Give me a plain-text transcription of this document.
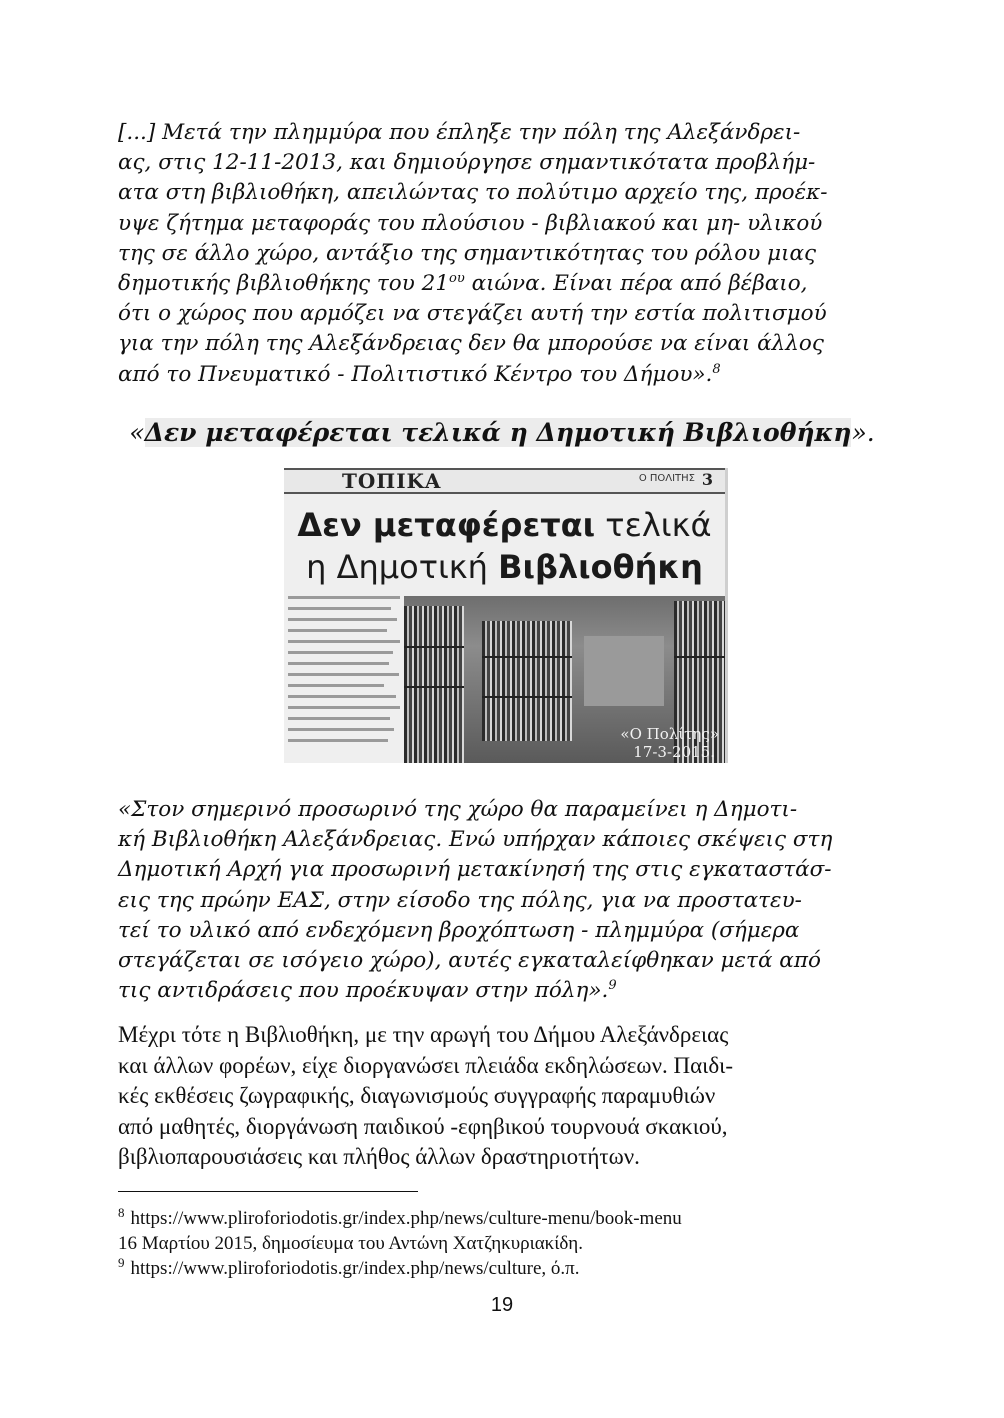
[...] Μετά την πλημμύρα που έπληξε την πόλη της Αλεξάνδρει-
ας, στις 12-11-2013, και δημιούργησε σημαντικότατα προβλήμ-
ατα στη βιβλιοθήκη, απειλώντας το πολύτιμο αρχείο της, προέκ-
υψε ζήτημα μεταφοράς του πλούσιου - βιβλιακού και μη- υλικού
της σε άλλο χώρο, αντάξιο της σημαντικότητας του ρόλου μιας
δημοτικής βιβλιοθήκης του $21^{o\upsilon}$ αιώνα. Είναι πέρα από βέβαιο,
ότι ο χώρος που αρμόζει να στεγάζει αυτή την εστία πολιτισμού
για την πόλη της Αλεξάνδρειας δεν θα μπορούσε να είναι άλλος
από το Πνευματικό - Πολιτιστικό Κέντρο του Δήμου».$^8$

«Δεν μεταφέρεται τελικά η Δημοτική Βιβλιοθήκη».
ΤΟΠΙΚΑ	Ο ΠΟΛΙΤΗΣ 3
Δεν μεταφέρεται τελικά
η Δημοτική Βιβλιοθήκη
«Ο Πολίτης»
17-3-2015.

«Στον σημερινό προσωρινό της χώρο θα παραμείνει η Δημοτι-
κή Βιβλιοθήκη Αλεξάνδρειας. Ενώ υπήρχαν κάποιες σκέψεις στη
Δημοτική Αρχή για προσωρινή μετακίνησή της στις εγκαταστάσ-
εις της πρώην ΕΑΣ, στην είσοδο της πόλης, για να προστατευ-
τεί το υλικό από ενδεχόμενη βροχόπτωση - πλημμύρα (σήμερα
στεγάζεται σε ισόγειο χώρο), αυτές εγκαταλείφθηκαν μετά από
τις αντιδράσεις που προέκυψαν στην πόλη».$^9$

Μέχρι τότε η Βιβλιοθήκη, με την αρωγή του Δήμου Αλεξάνδρειας
και άλλων φορέων, είχε διοργανώσει πλειάδα εκδηλώσεων. Παιδι-
κές εκθέσεις ζωγραφικής, διαγωνισμούς συγγραφής παραμυθιών
από μαθητές, διοργάνωση παιδικού -εφηβικού τουρνουά σκακιού,
βιβλιοπαρουσιάσεις και πλήθος άλλων δραστηριοτήτων.

$^8$ https://www.pliroforiodotis.gr/index.php/news/culture-menu/book-menu
16 Μαρτίου 2015, δημοσίευμα του Αντώνη Χατζηκυριακίδη.
$^9$ https://www.pliroforiodotis.gr/index.php/news/culture, ό.π.
19
